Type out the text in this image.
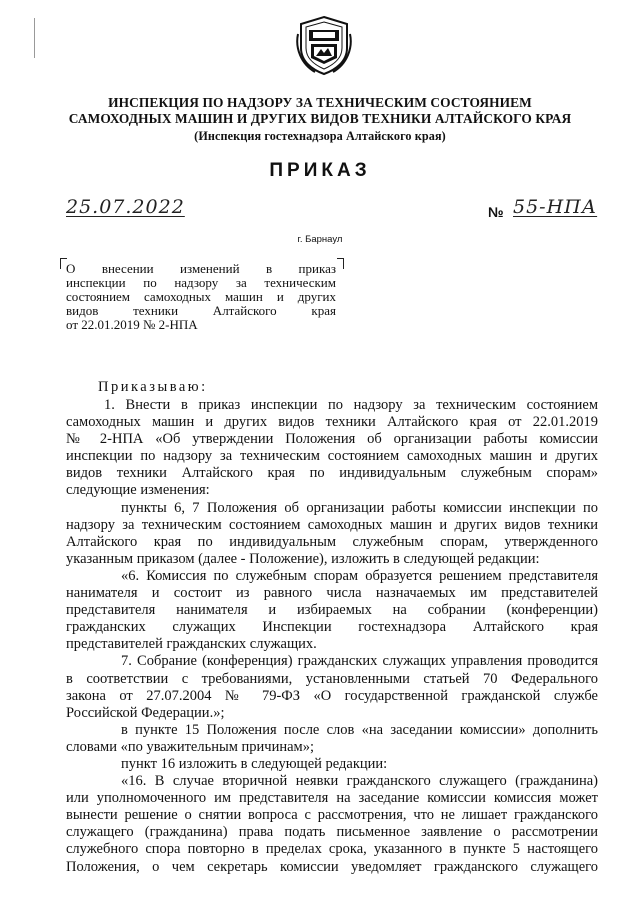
ИНСПЕКЦИЯ ПО НАДЗОРУ ЗА ТЕХНИЧЕСКИМ СОСТОЯНИЕМ
САМОХОДНЫХ МАШИН И ДРУГИХ ВИДОВ ТЕХНИКИ АЛТАЙСКОГО КРАЯ
(Инспекция гостехнадзора Алтайского края)
ПРИКАЗ
25.07.2022	№ 55-НПА
г. Барнаул
О внесении изменений в приказ
инспекции по надзору за техническим
состоянием самоходных машин и других
видов техники Алтайского края
от 22.01.2019 № 2-НПА
Приказываю:
1. Внести в приказ инспекции по надзору за техническим состоянием
самоходных машин и других видов техники Алтайского края от 22.01.2019
№ 2-НПА «Об утверждении Положения об организации работы комиссии
инспекции по надзору за техническим состоянием самоходных машин и других
видов техники Алтайского края по индивидуальным служебным спорам»
следующие изменения:
пункты 6, 7 Положения об организации работы комиссии инспекции по
надзору за техническим состоянием самоходных машин и других видов техники
Алтайского края по индивидуальным служебным спорам, утвержденного
указанным приказом (далее - Положение), изложить в следующей редакции:
«6. Комиссия по служебным спорам образуется решением представителя
нанимателя и состоит из равного числа назначаемых им представителей
представителя нанимателя и избираемых на собрании (конференции)
гражданских служащих Инспекции гостехнадзора Алтайского края
представителей гражданских служащих.
7. Собрание (конференция) гражданских служащих управления проводится
в соответствии с требованиями, установленными статьей 70 Федерального
закона от 27.07.2004 № 79-ФЗ «О государственной гражданской службе
Российской Федерации.»;
в пункте 15 Положения после слов «на заседании комиссии» дополнить
словами «по уважительным причинам»;
пункт 16 изложить в следующей редакции:
«16. В случае вторичной неявки гражданского служащего (гражданина)
или уполномоченного им представителя на заседание комиссии комиссия может
вынести решение о снятии вопроса с рассмотрения, что не лишает гражданского
служащего (гражданина) права подать письменное заявление о рассмотрении
служебного спора повторно в пределах срока, указанного в пункте 5 настоящего
Положения, о чем секретарь комиссии уведомляет гражданского служащего
